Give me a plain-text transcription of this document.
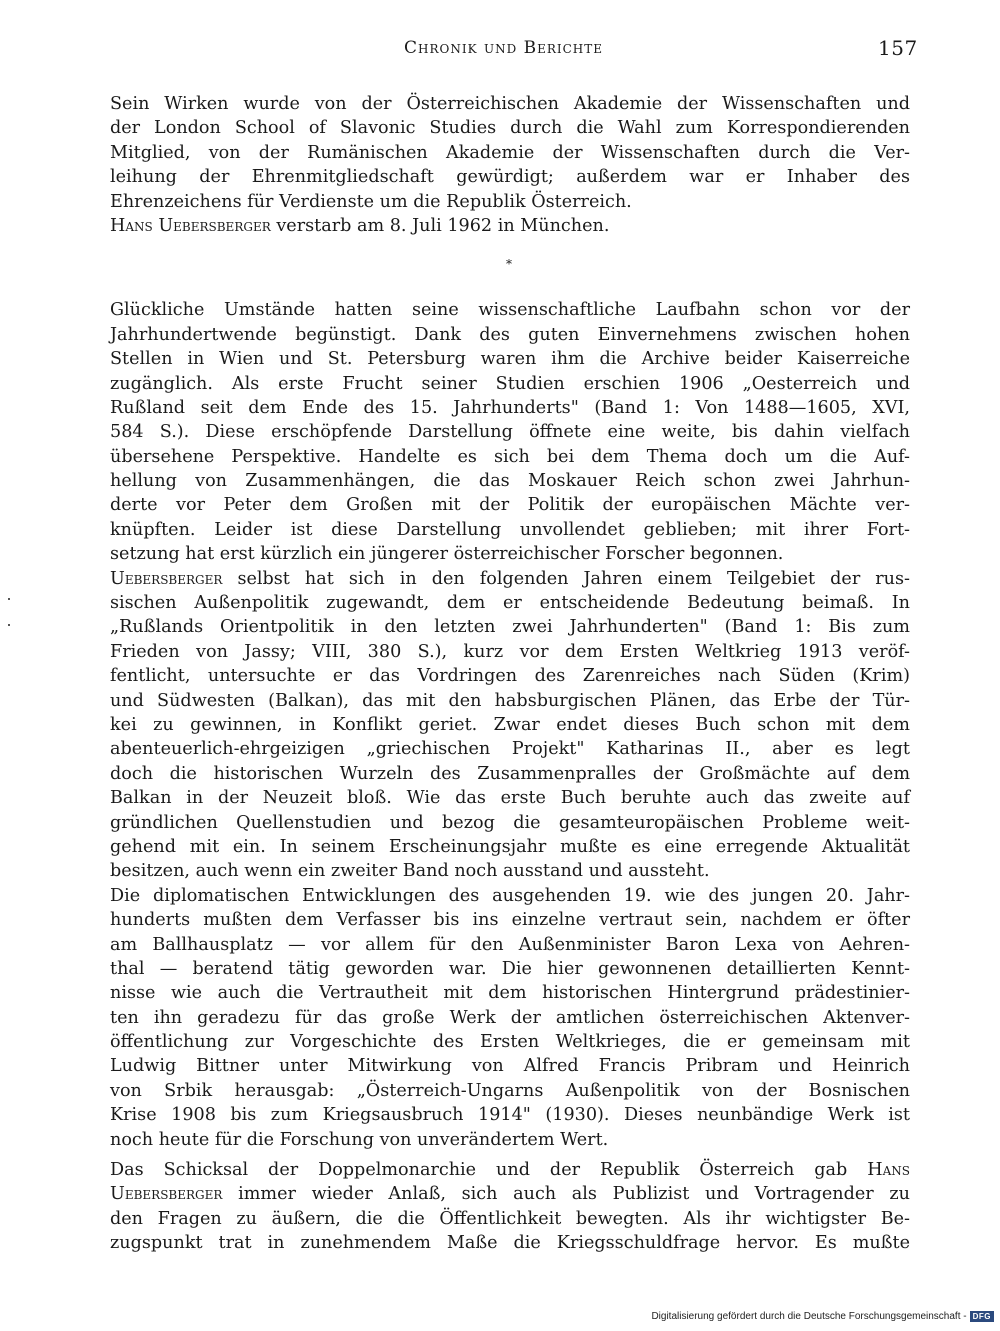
Chronik und Berichte	157
Sein Wirken wurde von der Österreichischen Akademie der Wissenschaften und
der London School of Slavonic Studies durch die Wahl zum Korrespondierenden
Mitglied, von der Rumänischen Akademie der Wissenschaften durch die Ver-
leihung der Ehrenmitgliedschaft gewürdigt; außerdem war er Inhaber des
Ehrenzeichens für Verdienste um die Republik Österreich.
Hans Uebersberger verstarb am 8. Juli 1962 in München.
*
Glückliche Umstände hatten seine wissenschaftliche Laufbahn schon vor der
Jahrhundertwende begünstigt. Dank des guten Einvernehmens zwischen hohen
Stellen in Wien und St. Petersburg waren ihm die Archive beider Kaiserreiche
zugänglich. Als erste Frucht seiner Studien erschien 1906 „Oesterreich und
Rußland seit dem Ende des 15. Jahrhunderts" (Band 1: Von 1488—1605, XVI,
584 S.). Diese erschöpfende Darstellung öffnete eine weite, bis dahin vielfach
übersehene Perspektive. Handelte es sich bei dem Thema doch um die Auf-
hellung von Zusammenhängen, die das Moskauer Reich schon zwei Jahrhun-
derte vor Peter dem Großen mit der Politik der europäischen Mächte ver-
knüpften. Leider ist diese Darstellung unvollendet geblieben; mit ihrer Fort-
setzung hat erst kürzlich ein jüngerer österreichischer Forscher begonnen.
Uebersberger selbst hat sich in den folgenden Jahren einem Teilgebiet der rus-
sischen Außenpolitik zugewandt, dem er entscheidende Bedeutung beimaß. In
„Rußlands Orientpolitik in den letzten zwei Jahrhunderten" (Band 1: Bis zum
Frieden von Jassy; VIII, 380 S.), kurz vor dem Ersten Weltkrieg 1913 veröf-
fentlicht, untersuchte er das Vordringen des Zarenreiches nach Süden (Krim)
und Südwesten (Balkan), das mit den habsburgischen Plänen, das Erbe der Tür-
kei zu gewinnen, in Konflikt geriet. Zwar endet dieses Buch schon mit dem
abenteuerlich-ehrgeizigen „griechischen Projekt" Katharinas II., aber es legt
doch die historischen Wurzeln des Zusammenpralles der Großmächte auf dem
Balkan in der Neuzeit bloß. Wie das erste Buch beruhte auch das zweite auf
gründlichen Quellenstudien und bezog die gesamteuropäischen Probleme weit-
gehend mit ein. In seinem Erscheinungsjahr mußte es eine erregende Aktualität
besitzen, auch wenn ein zweiter Band noch ausstand und aussteht.
Die diplomatischen Entwicklungen des ausgehenden 19. wie des jungen 20. Jahr-
hunderts mußten dem Verfasser bis ins einzelne vertraut sein, nachdem er öfter
am Ballhausplatz — vor allem für den Außenminister Baron Lexa von Aehren-
thal — beratend tätig geworden war. Die hier gewonnenen detaillierten Kennt-
nisse wie auch die Vertrautheit mit dem historischen Hintergrund prädestinier-
ten ihn geradezu für das große Werk der amtlichen österreichischen Aktenver-
öffentlichung zur Vorgeschichte des Ersten Weltkrieges, die er gemeinsam mit
Ludwig Bittner unter Mitwirkung von Alfred Francis Pribram und Heinrich
von Srbik herausgab: „Österreich-Ungarns Außenpolitik von der Bosnischen
Krise 1908 bis zum Kriegsausbruch 1914" (1930). Dieses neunbändige Werk ist
noch heute für die Forschung von unverändertem Wert.
Das Schicksal der Doppelmonarchie und der Republik Österreich gab Hans
Uebersberger immer wieder Anlaß, sich auch als Publizist und Vortragender zu
den Fragen zu äußern, die die Öffentlichkeit bewegten. Als ihr wichtigster Be-
zugspunkt trat in zunehmendem Maße die Kriegsschuldfrage hervor. Es mußte
Digitalisierung gefördert durch die Deutsche Forschungsgemeinschaft - DFG
